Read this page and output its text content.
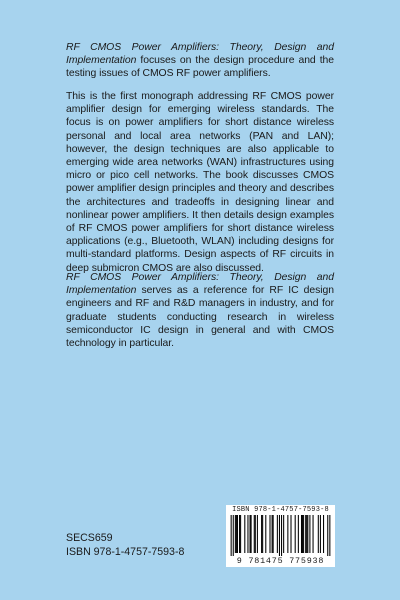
RF CMOS Power Amplifiers: Theory, Design and Implementation focuses on the design procedure and the testing issues of CMOS RF power amplifiers.

This is the first monograph addressing RF CMOS power amplifier design for emerging wireless standards. The focus is on power amplifiers for short distance wireless personal and local area networks (PAN and LAN); however, the design techniques are also applicable to emerging wide area networks (WAN) infrastructures using micro or pico cell networks. The book discusses CMOS power amplifier design principles and theory and describes the architectures and tradeoffs in designing linear and nonlinear power amplifiers. It then details design examples of RF CMOS power amplifiers for short distance wireless applications (e.g., Bluetooth, WLAN) including designs for multi-standard platforms. Design aspects of RF circuits in deep submicron CMOS are also discussed.

RF CMOS Power Amplifiers: Theory, Design and Implementation serves as a reference for RF IC design engineers and RF and R&D managers in industry, and for graduate students conducting research in wireless semiconductor IC design in general and with CMOS technology in particular.

SECS659
ISBN 978-1-4757-7593-8
ISBN 978-1-4757-7593-8
9 781475 775938
